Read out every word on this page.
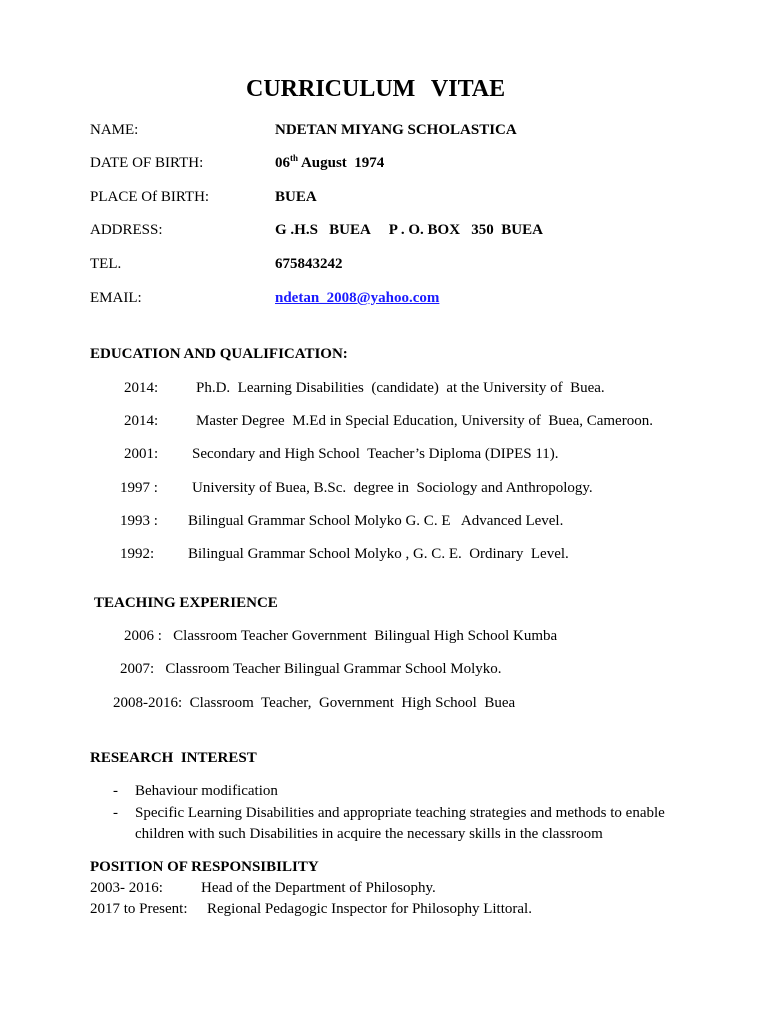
CURRICULUM VITAE
NAME:	NDETAN MIYANG SCHOLASTICA
DATE OF BIRTH:	06th August  1974
PLACE Of BIRTH:	BUEA
ADDRESS:	G .H.S   BUEA     P . O. BOX   350  BUEA
TEL.	675843242
EMAIL:	ndetan_2008@yahoo.com
EDUCATION AND QUALIFICATION:
2014:	Ph.D.  Learning Disabilities  (candidate)  at the University of  Buea.
2014:	Master Degree  M.Ed in Special Education, University of  Buea, Cameroon.
2001: Secondary and High School  Teacher’s Diploma (DIPES 11).
1997 : University of Buea, B.Sc.  degree in  Sociology and Anthropology.
1993 : Bilingual Grammar School Molyko G. C. E   Advanced Level.
1992: Bilingual Grammar School Molyko , G. C. E.  Ordinary  Level.
TEACHING EXPERIENCE
2006 :   Classroom Teacher Government  Bilingual High School Kumba
2007:   Classroom Teacher Bilingual Grammar School Molyko.
2008-2016:  Classroom  Teacher,  Government  High School  Buea
RESEARCH  INTEREST
- Behaviour modification
- Specific Learning Disabilities and appropriate teaching strategies and methods to enable
children with such Disabilities in acquire the necessary skills in the classroom
POSITION OF RESPONSIBILITY
2003- 2016:	Head of the Department of Philosophy.
2017 to Present: Regional Pedagogic Inspector for Philosophy Littoral.
